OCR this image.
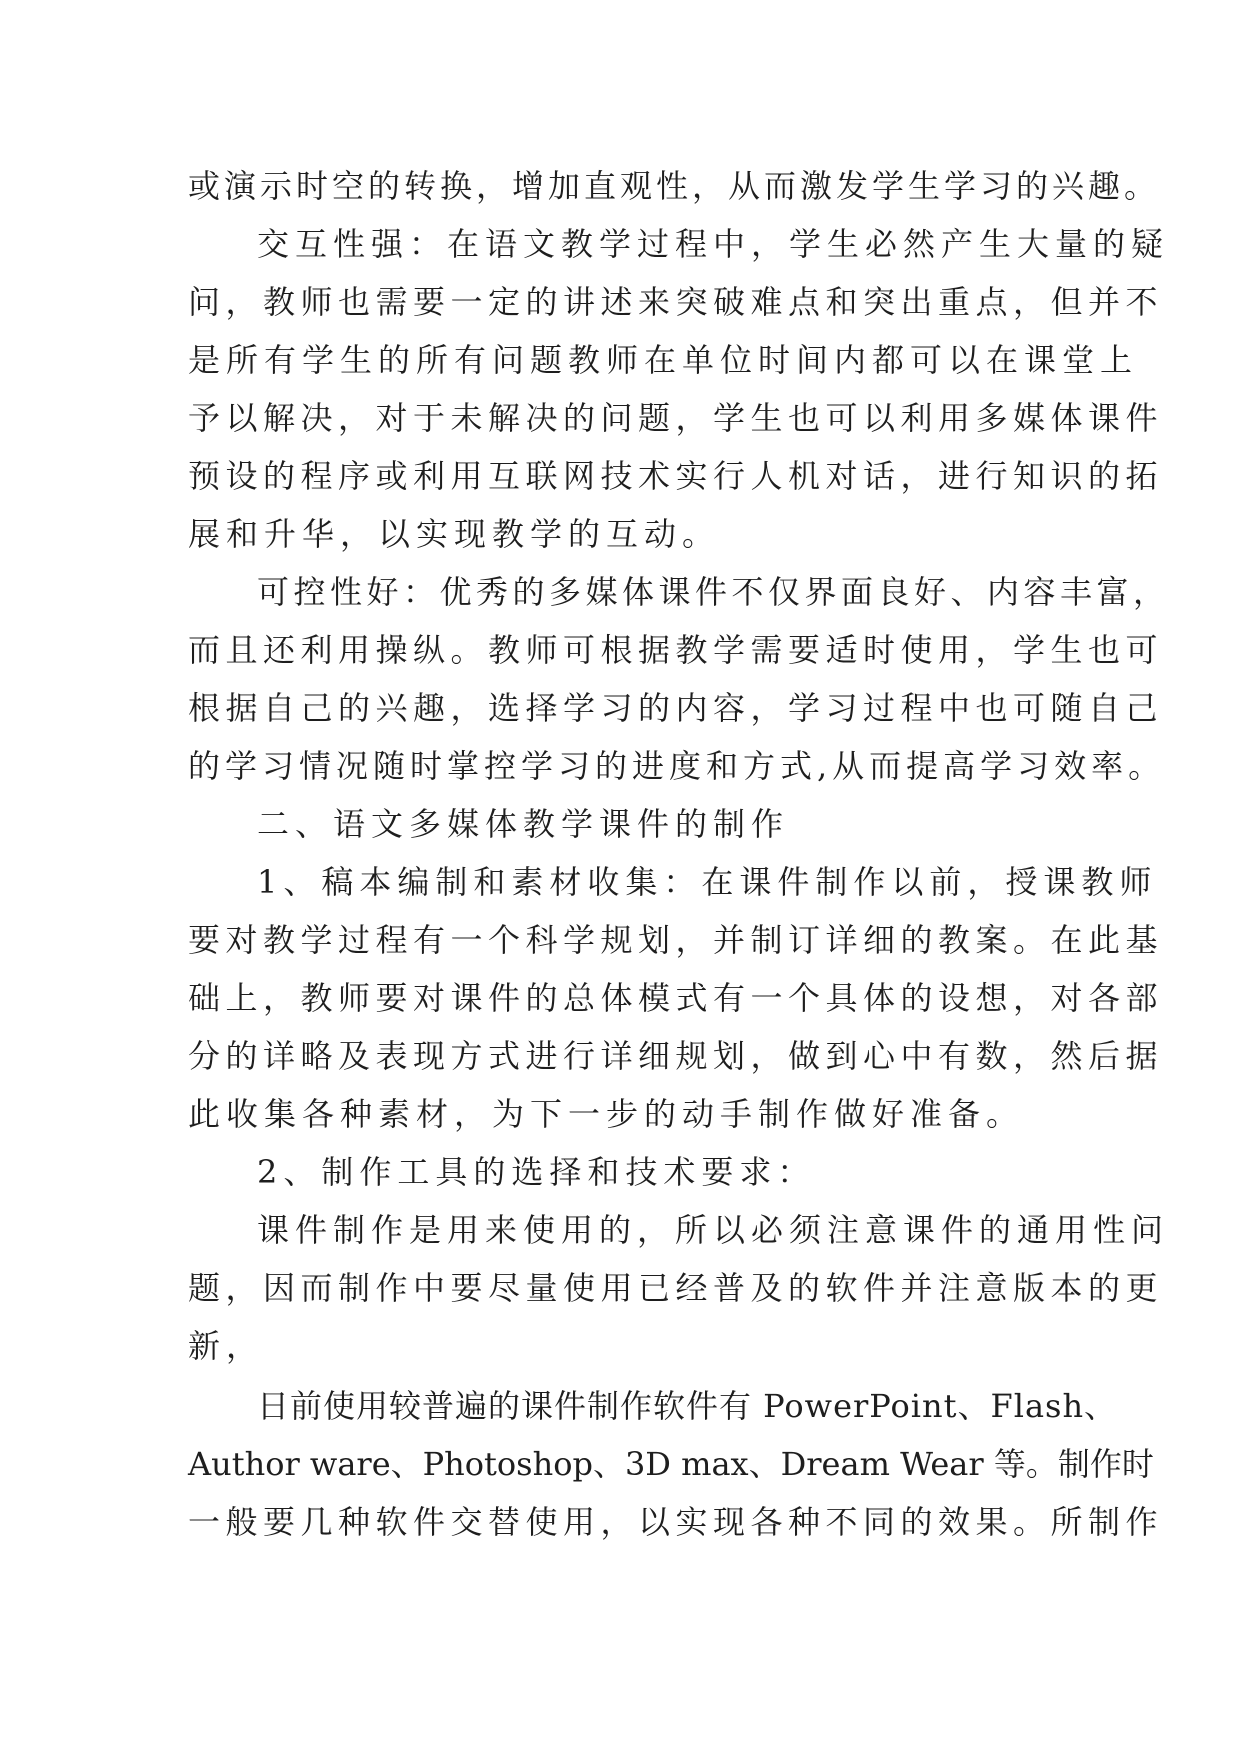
或演示时空的转换，增加直观性，从而激发学生学习的兴趣。

交互性强：在语文教学过程中，学生必然产生大量的疑

问，教师也需要一定的讲述来突破难点和突出重点，但并不

是所有学生的所有问题教师在单位时间内都可以在课堂上

予以解决，对于未解决的问题，学生也可以利用多媒体课件

预设的程序或利用互联网技术实行人机对话，进行知识的拓

展和升华，以实现教学的互动。

可控性好：优秀的多媒体课件不仅界面良好、内容丰富，

而且还利用操纵。教师可根据教学需要适时使用，学生也可

根据自己的兴趣，选择学习的内容，学习过程中也可随自己

的学习情况随时掌控学习的进度和方式,从而提高学习效率。

二、语文多媒体教学课件的制作

1、稿本编制和素材收集：在课件制作以前，授课教师

要对教学过程有一个科学规划，并制订详细的教案。在此基

础上，教师要对课件的总体模式有一个具体的设想，对各部

分的详略及表现方式进行详细规划，做到心中有数，然后据

此收集各种素材，为下一步的动手制作做好准备。

2、制作工具的选择和技术要求：

课件制作是用来使用的，所以必须注意课件的通用性问

题，因而制作中要尽量使用已经普及的软件并注意版本的更

新，

日前使用较普遍的课件制作软件有 PowerPoint、Flash、

Author ware、Photoshop、3D max、Dream Wear 等。制作时

一般要几种软件交替使用，以实现各种不同的效果。所制作
